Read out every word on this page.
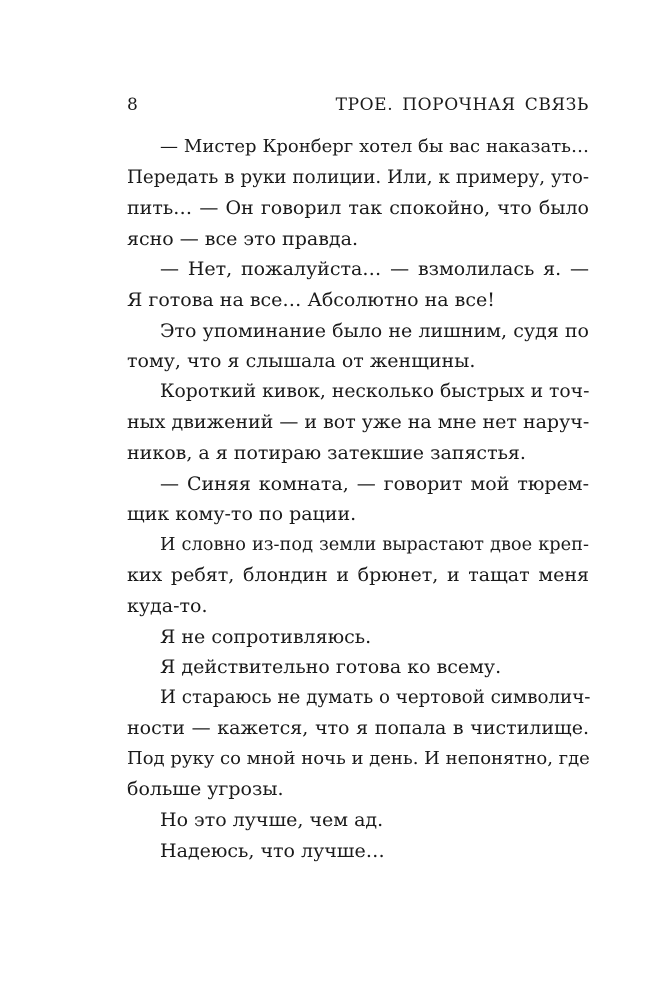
8	ТРОЕ. ПОРОЧНАЯ СВЯЗЬ
— Мистер Кронберг хотел бы вас наказать…
Передать в руки полиции. Или, к примеру, уто-
пить… — Он говорил так спокойно, что было
ясно — все это правда.
— Нет, пожалуйста… — взмолилась я. —
Я готова на все… Абсолютно на все!
Это упоминание было не лишним, судя по
тому, что я слышала от женщины.
Короткий кивок, несколько быстрых и точ-
ных движений — и вот уже на мне нет наруч-
ников, а я потираю затекшие запястья.
— Синяя комната, — говорит мой тюрем-
щик кому-то по рации.
И словно из-под земли вырастают двое креп-
ких ребят, блондин и брюнет, и тащат меня
куда-то.
Я не сопротивляюсь.
Я действительно готова ко всему.
И стараюсь не думать о чертовой символич-
ности — кажется, что я попала в чистилище.
Под руку со мной ночь и день. И непонятно, где
больше угрозы.
Но это лучше, чем ад.
Надеюсь, что лучше…
